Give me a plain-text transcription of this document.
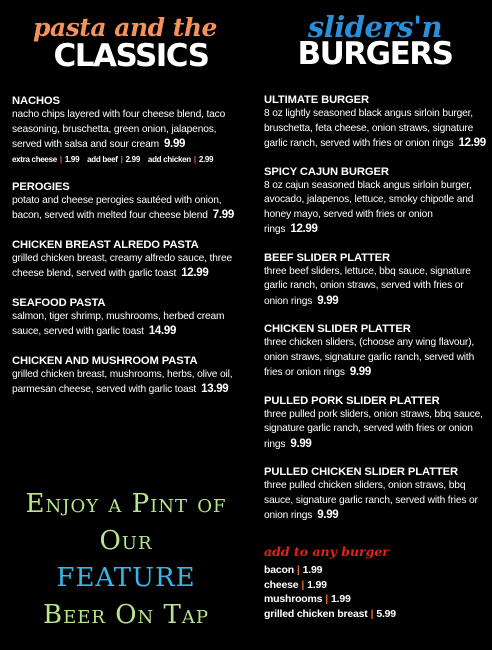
pasta and the
CLASSICS
NACHOS
nacho chips layered with four cheese blend, taco seasoning, bruschetta, green onion, jalapenos, served with salsa and sour cream 9.99
extra cheese | 1.99 add beef | 2.99 add chicken | 2.99
PEROGIES
potato and cheese perogies sautéed with onion, bacon, served with melted four cheese blend 7.99
CHICKEN BREAST ALREDO PASTA
grilled chicken breast, creamy alfredo sauce, three cheese blend, served with garlic toast 12.99
SEAFOOD PASTA
salmon, tiger shrimp, mushrooms, herbed cream sauce, served with garlic toast 14.99
CHICKEN AND MUSHROOM PASTA
grilled chicken breast, mushrooms, herbs, olive oil, parmesan cheese, served with garlic toast 13.99
Enjoy a Pint of
Our
FEATURE
Beer On Tap
sliders'n
BURGERS
ULTIMATE BURGER
8 oz lightly seasoned black angus sirloin burger, bruschetta, feta cheese, onion straws, signature garlic ranch, served with fries or onion rings 12.99
SPICY CAJUN BURGER
8 oz cajun seasoned black angus sirloin burger, avocado, jalapenos, lettuce, smoky chipotle and honey mayo, served with fries or onion rings 12.99
BEEF SLIDER PLATTER
three beef sliders, lettuce, bbq sauce, signature garlic ranch, onion straws, served with fries or onion rings 9.99
CHICKEN SLIDER PLATTER
three chicken sliders, (choose any wing flavour), onion straws, signature garlic ranch, served with fries or onion rings 9.99
PULLED PORK SLIDER PLATTER
three pulled pork sliders, onion straws, bbq sauce, signature garlic ranch, served with fries or onion rings 9.99
PULLED CHICKEN SLIDER PLATTER
three pulled chicken sliders, onion straws, bbq sauce, signature garlic ranch, served with fries or onion rings 9.99
add to any burger
bacon | 1.99
cheese | 1.99
mushrooms | 1.99
grilled chicken breast | 5.99
